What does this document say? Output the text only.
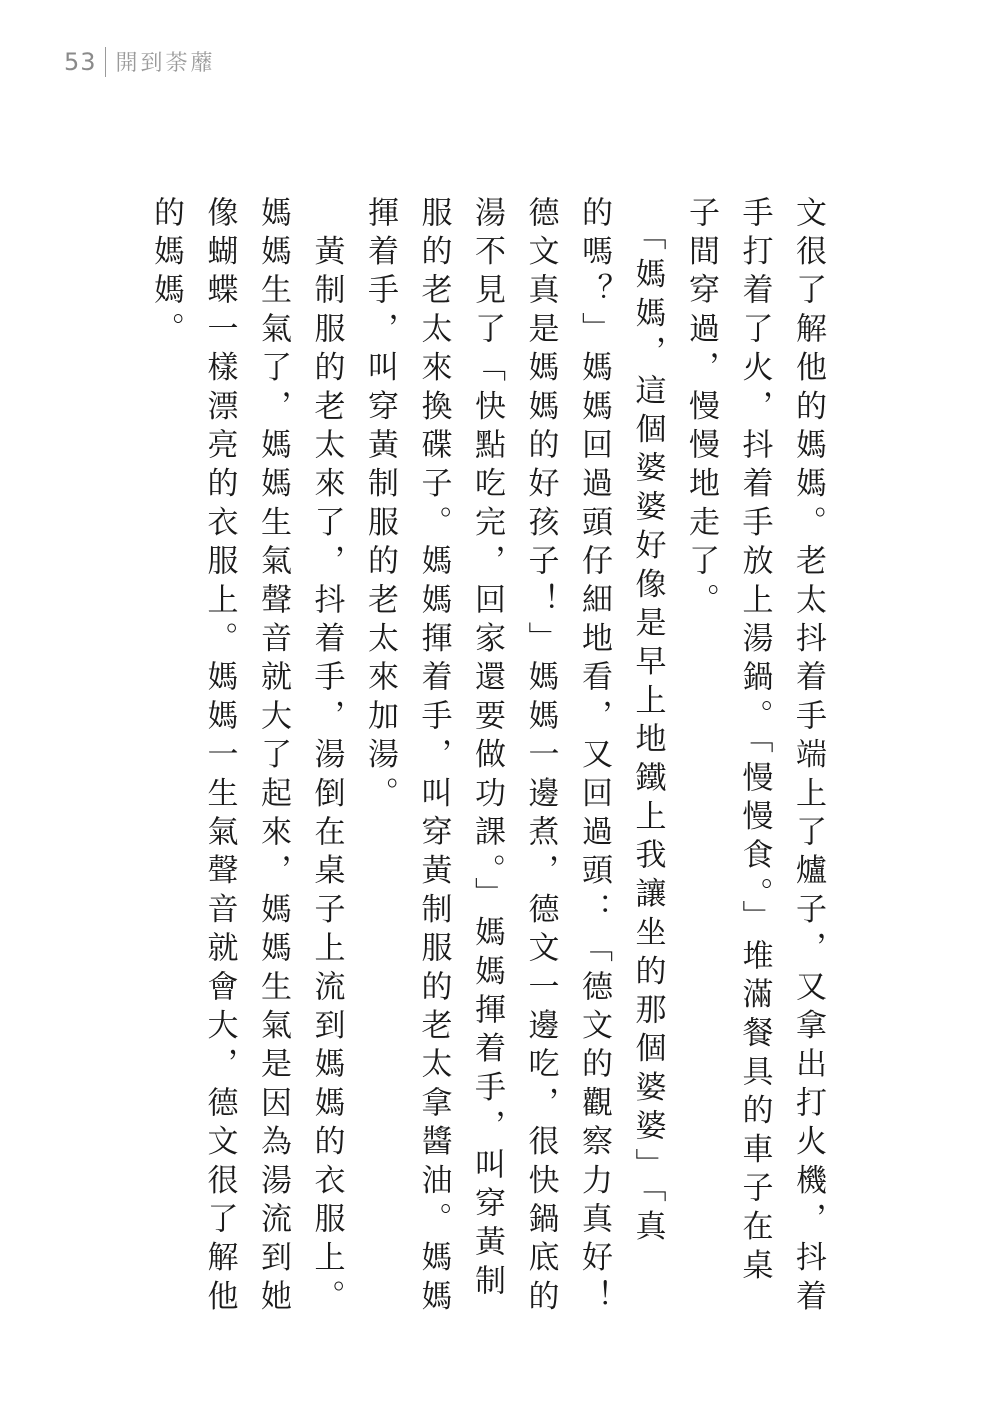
53 開到荼蘼
文很了解他的媽媽。老太抖着手端上了爐子，又拿出打火機，抖着
手打着了火，抖着手放上湯鍋。「慢慢食。」堆滿餐具的車子在桌
子間穿過，慢慢地走了。
　「媽媽，這個婆婆好像是早上地鐵上我讓坐的那個婆婆」「真
的嗎？」媽媽回過頭仔細地看，又回過頭：「德文的觀察力真好！
德文真是媽媽的好孩子！」媽媽一邊煮，德文一邊吃，很快鍋底的
湯不見了「快點吃完，回家還要做功課。」媽媽揮着手，叫穿黃制
服的老太來換碟子。媽媽揮着手，叫穿黃制服的老太拿醬油。媽媽
揮着手，叫穿黃制服的老太來加湯。
　黃制服的老太來了，抖着手，湯倒在桌子上流到媽媽的衣服上。
媽媽生氣了，媽媽生氣聲音就大了起來，媽媽生氣是因為湯流到她
像蝴蝶一樣漂亮的衣服上。媽媽一生氣聲音就會大，德文很了解他
的媽媽。
